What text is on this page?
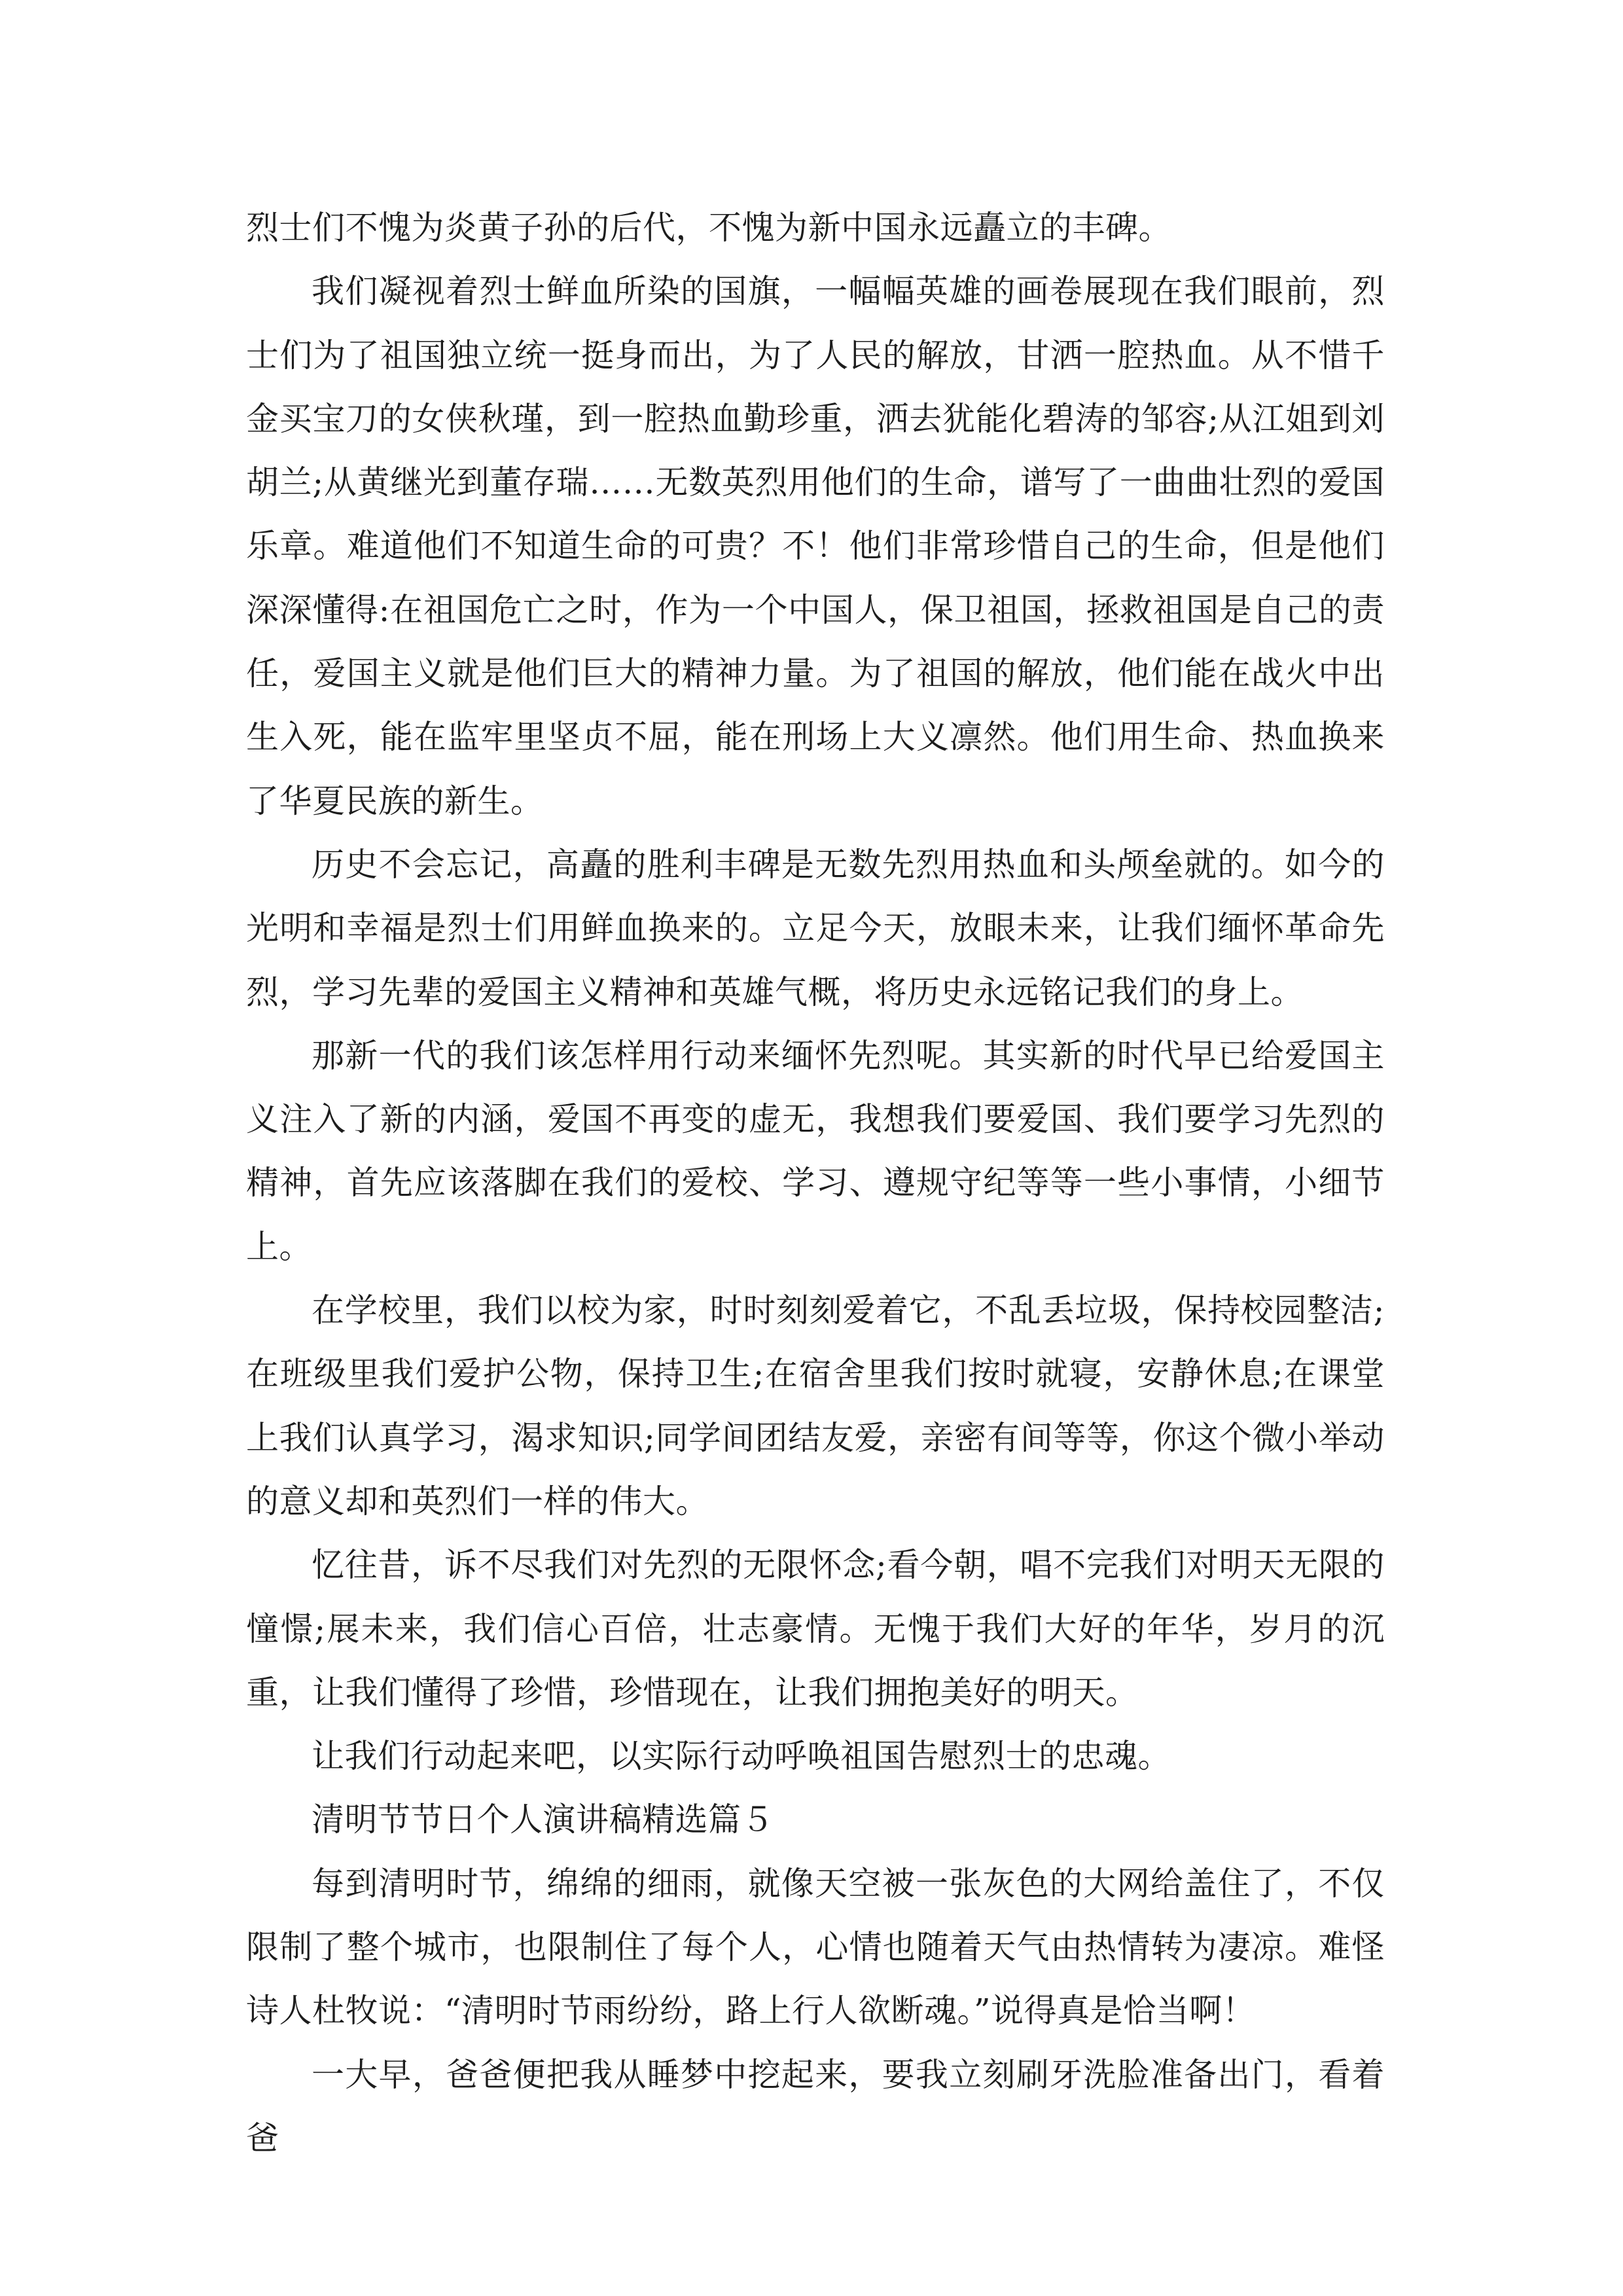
烈士们不愧为炎黄子孙的后代，不愧为新中国永远矗立的丰碑。

我们凝视着烈士鲜血所染的国旗，一幅幅英雄的画卷展现在我们眼前，烈士们为了祖国独立统一挺身而出，为了人民的解放，甘洒一腔热血。从不惜千金买宝刀的女侠秋瑾，到一腔热血勤珍重，洒去犹能化碧涛的邹容;从江姐到刘胡兰;从黄继光到董存瑞……无数英烈用他们的生命，谱写了一曲曲壮烈的爱国乐章。难道他们不知道生命的可贵？不！他们非常珍惜自己的生命，但是他们深深懂得:在祖国危亡之时，作为一个中国人，保卫祖国，拯救祖国是自己的责任，爱国主义就是他们巨大的精神力量。为了祖国的解放，他们能在战火中出生入死，能在监牢里坚贞不屈，能在刑场上大义凛然。他们用生命、热血换来了华夏民族的新生。

历史不会忘记，高矗的胜利丰碑是无数先烈用热血和头颅垒就的。如今的光明和幸福是烈士们用鲜血换来的。立足今天，放眼未来，让我们缅怀革命先烈，学习先辈的爱国主义精神和英雄气概，将历史永远铭记我们的身上。

那新一代的我们该怎样用行动来缅怀先烈呢。其实新的时代早已给爱国主义注入了新的内涵，爱国不再变的虚无，我想我们要爱国、我们要学习先烈的精神，首先应该落脚在我们的爱校、学习、遵规守纪等等一些小事情，小细节上。

在学校里，我们以校为家，时时刻刻爱着它，不乱丢垃圾，保持校园整洁;在班级里我们爱护公物，保持卫生;在宿舍里我们按时就寝，安静休息;在课堂上我们认真学习，渴求知识;同学间团结友爱，亲密有间等等，你这个微小举动的意义却和英烈们一样的伟大。

忆往昔，诉不尽我们对先烈的无限怀念;看今朝，唱不完我们对明天无限的憧憬;展未来，我们信心百倍，壮志豪情。无愧于我们大好的年华，岁月的沉重，让我们懂得了珍惜，珍惜现在，让我们拥抱美好的明天。

让我们行动起来吧，以实际行动呼唤祖国告慰烈士的忠魂。

清明节节日个人演讲稿精选篇５

每到清明时节，绵绵的细雨，就像天空被一张灰色的大网给盖住了，不仅限制了整个城市，也限制住了每个人，心情也随着天气由热情转为凄凉。难怪诗人杜牧说：“清明时节雨纷纷，路上行人欲断魂。”说得真是恰当啊！

一大早，爸爸便把我从睡梦中挖起来，要我立刻刷牙洗脸准备出门，看着爸
